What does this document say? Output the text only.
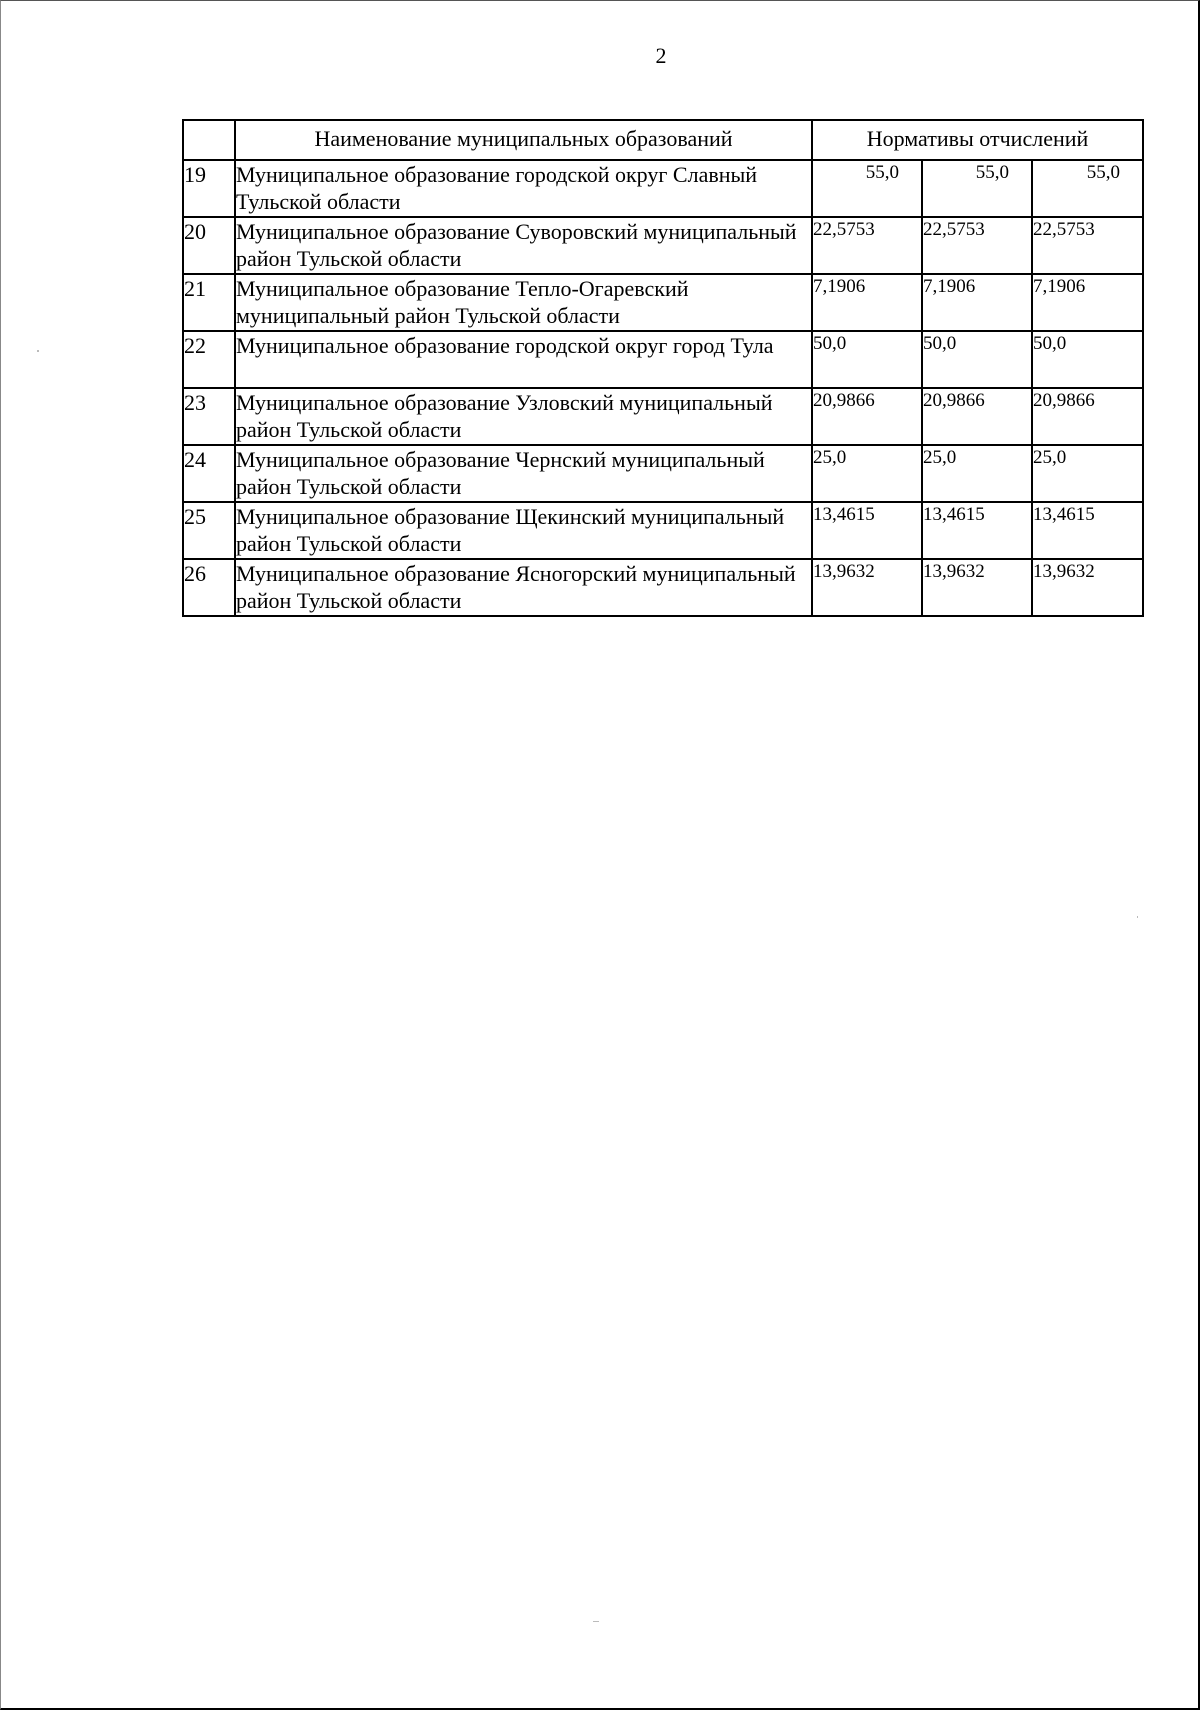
2
	Наименование муниципальных образований	Нормативы отчислений		
19	Муниципальное образование городской округ Славный Тульской области	55,0	55,0	55,0
20	Муниципальное образование Суворовский муниципальный район Тульской области	22,5753	22,5753	22,5753
21	Муниципальное образование Тепло-Огаревский муниципальный район Тульской области	7,1906	7,1906	7,1906
22	Муниципальное образование городской округ город Тула	50,0	50,0	50,0
23	Муниципальное образование Узловский муниципальный район Тульской области	20,9866	20,9866	20,9866
24	Муниципальное образование Чернский муниципальный район Тульской области	25,0	25,0	25,0
25	Муниципальное образование Щекинский муниципальный район Тульской области	13,4615	13,4615	13,4615
26	Муниципальное образование Ясногорский муниципальный район Тульской области	13,9632	13,9632	13,9632
